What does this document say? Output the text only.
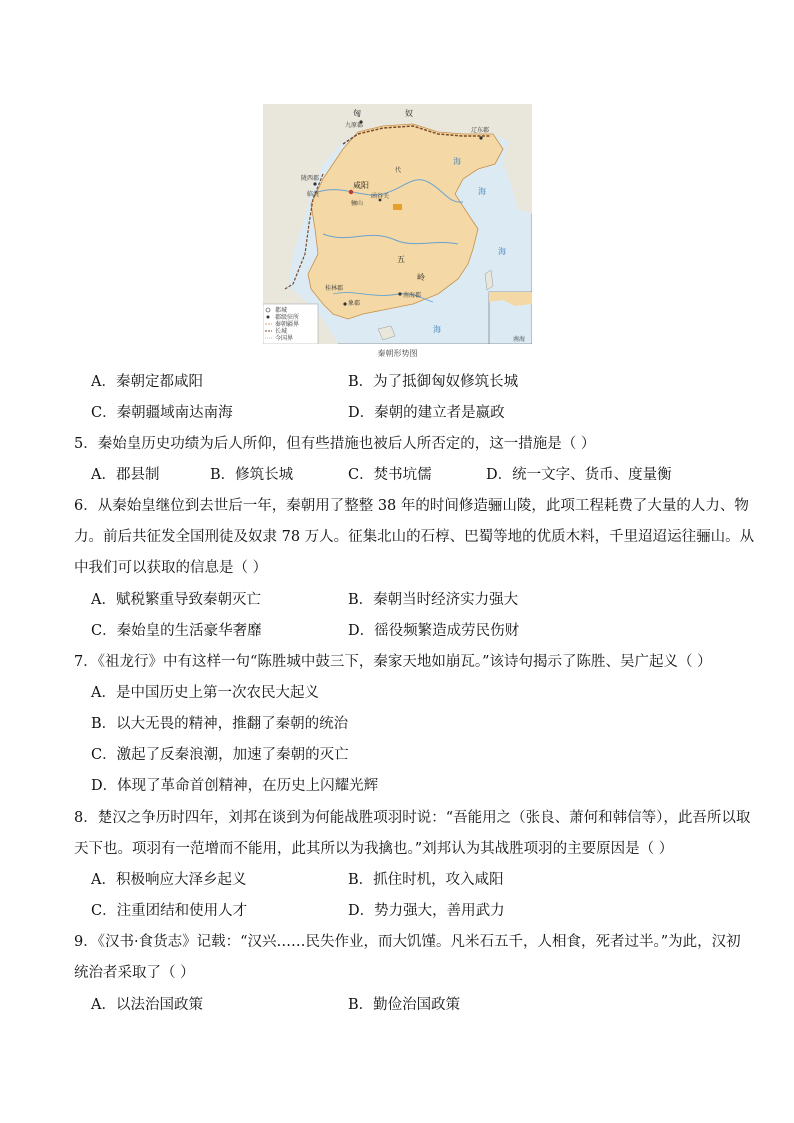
都城
郡级驻所
秦朝疆界
长城
今国界
匈	奴
九原郡
辽东郡
陇西郡
咸阳
临洮
骊山
函谷关
代
桂林郡
象郡
南海郡
五
岭
海
海
海
海
南海
秦朝形势图
A．秦朝定都咸阳	B．为了抵御匈奴修筑长城
C．秦朝疆域南达南海	D．秦朝的建立者是嬴政
5．秦始皇历史功绩为后人所仰，但有些措施也被后人所否定的，这一措施是（ ）
A．郡县制	B．修筑长城	C．焚书坑儒	D．统一文字、货币、度量衡
6．从秦始皇继位到去世后一年，秦朝用了整整 38 年的时间修造骊山陵，此项工程耗费了大量的人力、物
力。前后共征发全国刑徒及奴隶 78 万人。征集北山的石椁、巴蜀等地的优质木料，千里迢迢运往骊山。从
中我们可以获取的信息是（ ）
A．赋税繁重导致秦朝灭亡	B．秦朝当时经济实力强大
C．秦始皇的生活豪华奢靡	D．徭役频繁造成劳民伤财
7．《祖龙行》中有这样一句“陈胜城中鼓三下，秦家天地如崩瓦。”该诗句揭示了陈胜、吴广起义（ ）
A．是中国历史上第一次农民大起义
B．以大无畏的精神，推翻了秦朝的统治
C．激起了反秦浪潮，加速了秦朝的灭亡
D．体现了革命首创精神，在历史上闪耀光辉
8．楚汉之争历时四年，刘邦在谈到为何能战胜项羽时说：“吾能用之（张良、萧何和韩信等），此吾所以取
天下也。项羽有一范增而不能用，此其所以为我擒也。”刘邦认为其战胜项羽的主要原因是（ ）
A．积极响应大泽乡起义	B．抓住时机，攻入咸阳
C．注重团结和使用人才	D．势力强大，善用武力
9．《汉书·食货志》记载：“汉兴……民失作业，而大饥馑。凡米石五千，人相食，死者过半。”为此，汉初
统治者采取了（ ）
A．以法治国政策	B．勤俭治国政策
